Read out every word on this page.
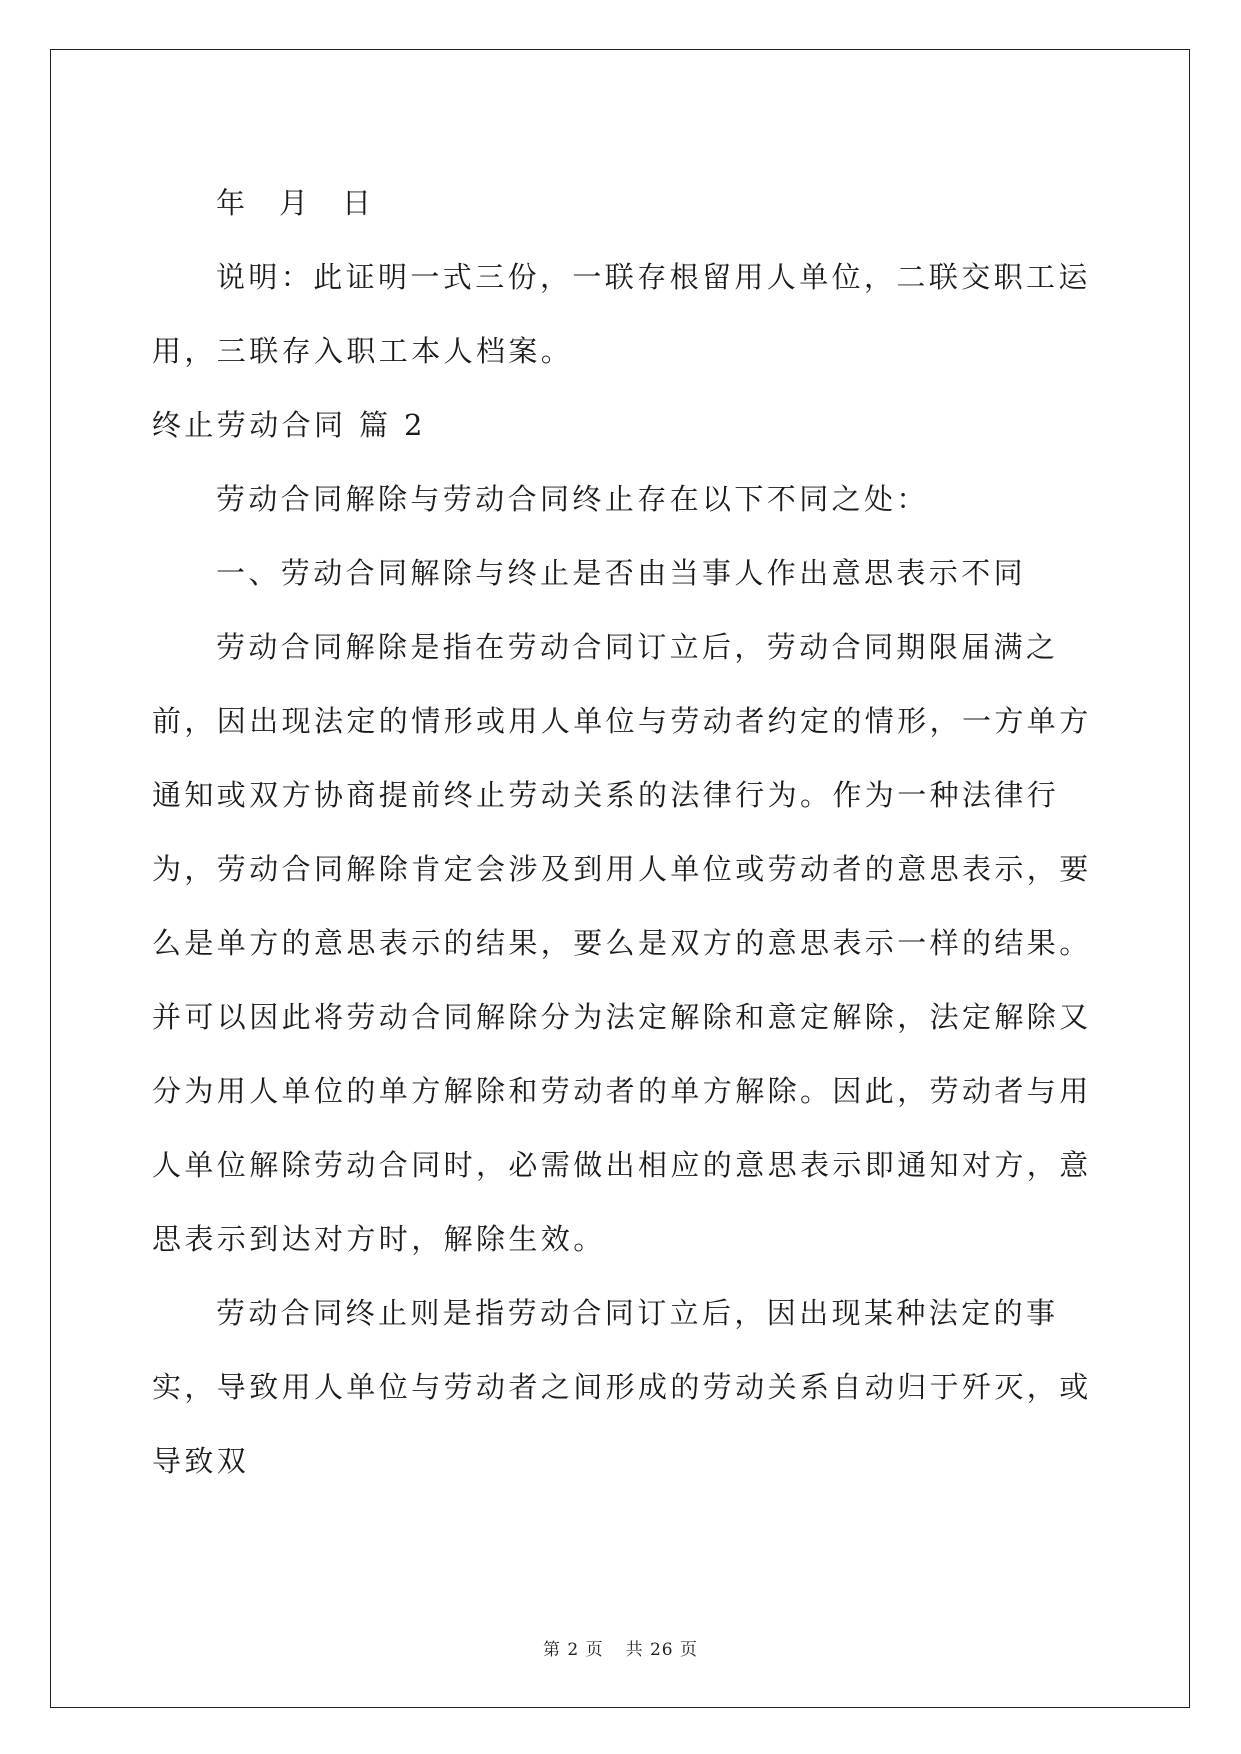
年 月 日

说明：此证明一式三份，一联存根留用人单位，二联交职工运用，三联存入职工本人档案。

终止劳动合同 篇 2

劳动合同解除与劳动合同终止存在以下不同之处：

一、劳动合同解除与终止是否由当事人作出意思表示不同

劳动合同解除是指在劳动合同订立后，劳动合同期限届满之前，因出现法定的情形或用人单位与劳动者约定的情形，一方单方通知或双方协商提前终止劳动关系的法律行为。作为一种法律行为，劳动合同解除肯定会涉及到用人单位或劳动者的意思表示，要么是单方的意思表示的结果，要么是双方的意思表示一样的结果。并可以因此将劳动合同解除分为法定解除和意定解除，法定解除又分为用人单位的单方解除和劳动者的单方解除。因此，劳动者与用人单位解除劳动合同时，必需做出相应的意思表示即通知对方，意思表示到达对方时，解除生效。

劳动合同终止则是指劳动合同订立后，因出现某种法定的事实，导致用人单位与劳动者之间形成的劳动关系自动归于歼灭，或导致双

第 2 页 共 26 页
